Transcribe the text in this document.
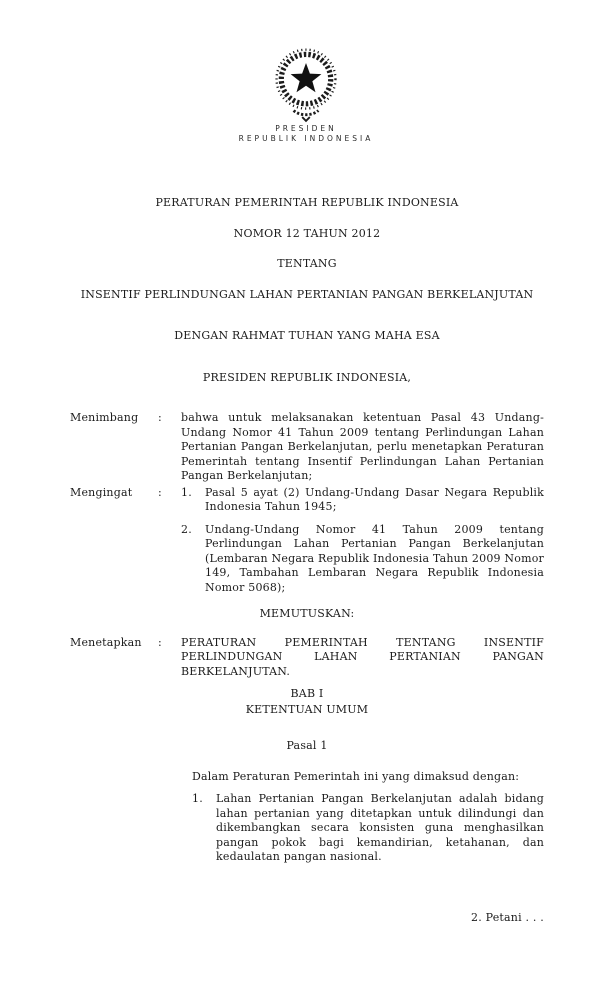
PRESIDEN
REPUBLIK INDONESIA
PERATURAN PEMERINTAH REPUBLIK INDONESIA
NOMOR 12 TAHUN 2012
TENTANG
INSENTIF PERLINDUNGAN LAHAN PERTANIAN PANGAN BERKELANJUTAN
DENGAN RAHMAT TUHAN YANG MAHA ESA
PRESIDEN REPUBLIK INDONESIA,
Menimbang	:	bahwa untuk melaksanakan ketentuan Pasal 43 Undang-Undang Nomor 41 Tahun 2009 tentang Perlindungan Lahan Pertanian Pangan Berkelanjutan, perlu menetapkan Peraturan Pemerintah tentang Insentif Perlindungan Lahan Pertanian Pangan Berkelanjutan;

Mengingat	:	1.	Pasal 5 ayat (2) Undang-Undang Dasar Negara Republik Indonesia Tahun 1945;

2.	Undang-Undang Nomor 41 Tahun 2009 tentang Perlindungan Lahan Pertanian Pangan Berkelanjutan (Lembaran Negara Republik Indonesia Tahun 2009 Nomor 149, Tambahan Lembaran Negara Republik Indonesia Nomor 5068);

MEMUTUSKAN:
Menetapkan	:	PERATURAN PEMERINTAH TENTANG INSENTIF PERLINDUNGAN LAHAN PERTANIAN PANGAN BERKELANJUTAN.

BAB I
KETENTUAN UMUM
Pasal 1

Dalam Peraturan Pemerintah ini yang dimaksud dengan:

1.	Lahan Pertanian Pangan Berkelanjutan adalah bidang lahan pertanian yang ditetapkan untuk dilindungi dan dikembangkan secara konsisten guna menghasilkan pangan pokok bagi kemandirian, ketahanan, dan kedaulatan pangan nasional.

2. Petani . . .
